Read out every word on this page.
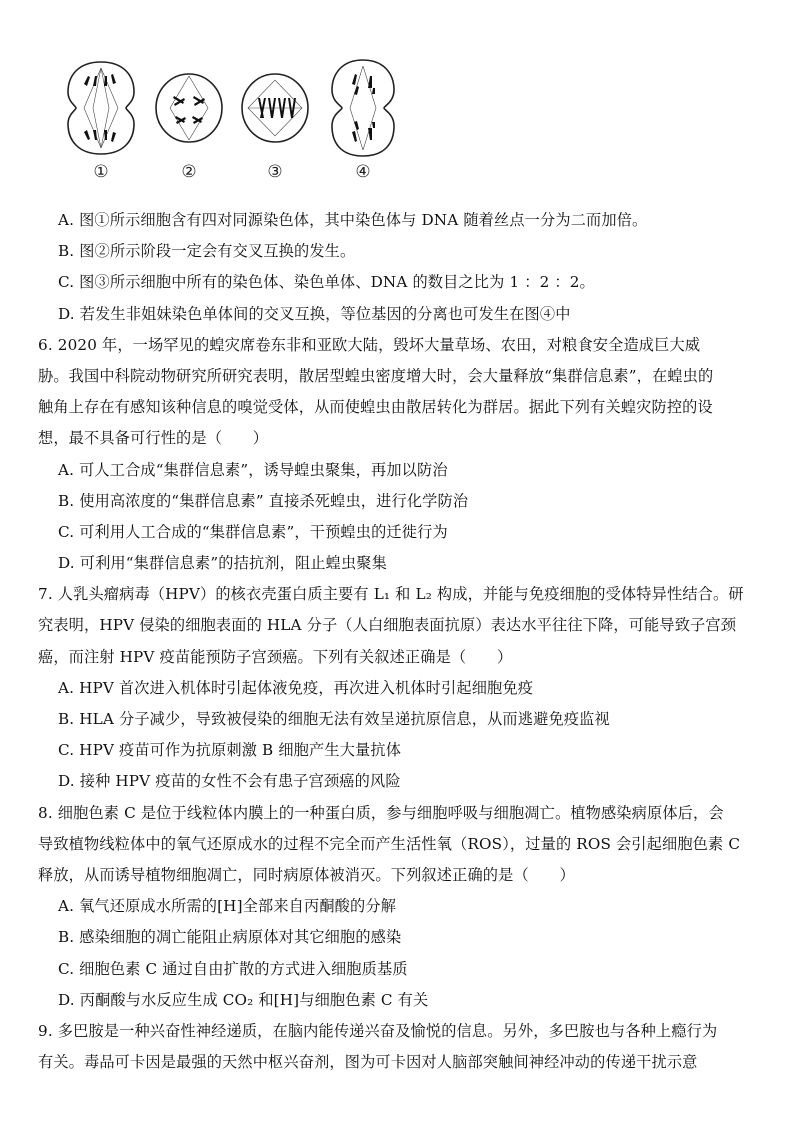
①	②	③	④
A. 图①所示细胞含有四对同源染色体，其中染色体与 DNA 随着丝点一分为二而加倍。
B. 图②所示阶段一定会有交叉互换的发生。
C. 图③所示细胞中所有的染色体、染色单体、DNA 的数目之比为 1 ：2 ：2。
D. 若发生非姐妹染色单体间的交叉互换，等位基因的分离也可发生在图④中
6. 2020 年，一场罕见的蝗灾席卷东非和亚欧大陆，毁坏大量草场、农田，对粮食安全造成巨大威
胁。我国中科院动物研究所研究表明，散居型蝗虫密度增大时，会大量释放“集群信息素”，在蝗虫的
触角上存在有感知该种信息的嗅觉受体，从而使蝗虫由散居转化为群居。据此下列有关蝗灾防控的设
想，最不具备可行性的是（　　）
A. 可人工合成“集群信息素”，诱导蝗虫聚集，再加以防治
B. 使用高浓度的“集群信息素” 直接杀死蝗虫，进行化学防治
C. 可利用人工合成的“集群信息素”，干预蝗虫的迁徙行为
D. 可利用“集群信息素”的拮抗剂，阻止蝗虫聚集
7. 人乳头瘤病毒（HPV）的核衣壳蛋白质主要有 L₁ 和 L₂ 构成，并能与免疫细胞的受体特异性结合。研
究表明，HPV 侵染的细胞表面的 HLA 分子（人白细胞表面抗原）表达水平往往下降，可能导致子宫颈
癌，而注射 HPV 疫苗能预防子宫颈癌。下列有关叙述正确是（　　）
A. HPV 首次进入机体时引起体液免疫，再次进入机体时引起细胞免疫
B. HLA 分子减少，导致被侵染的细胞无法有效呈递抗原信息，从而逃避免疫监视
C. HPV 疫苗可作为抗原刺激 B 细胞产生大量抗体
D. 接种 HPV 疫苗的女性不会有患子宫颈癌的风险
8. 细胞色素 C 是位于线粒体内膜上的一种蛋白质，参与细胞呼吸与细胞凋亡。植物感染病原体后，会
导致植物线粒体中的氧气还原成水的过程不完全而产生活性氧（ROS），过量的 ROS 会引起细胞色素 C
释放，从而诱导植物细胞凋亡，同时病原体被消灭。下列叙述正确的是（　　）
A. 氧气还原成水所需的[H]全部来自丙酮酸的分解
B. 感染细胞的凋亡能阻止病原体对其它细胞的感染
C. 细胞色素 C 通过自由扩散的方式进入细胞质基质
D. 丙酮酸与水反应生成 CO₂ 和[H]与细胞色素 C 有关
9. 多巴胺是一种兴奋性神经递质，在脑内能传递兴奋及愉悦的信息。另外，多巴胺也与各种上瘾行为
有关。毒品可卡因是最强的天然中枢兴奋剂，图为可卡因对人脑部突触间神经冲动的传递干扰示意
